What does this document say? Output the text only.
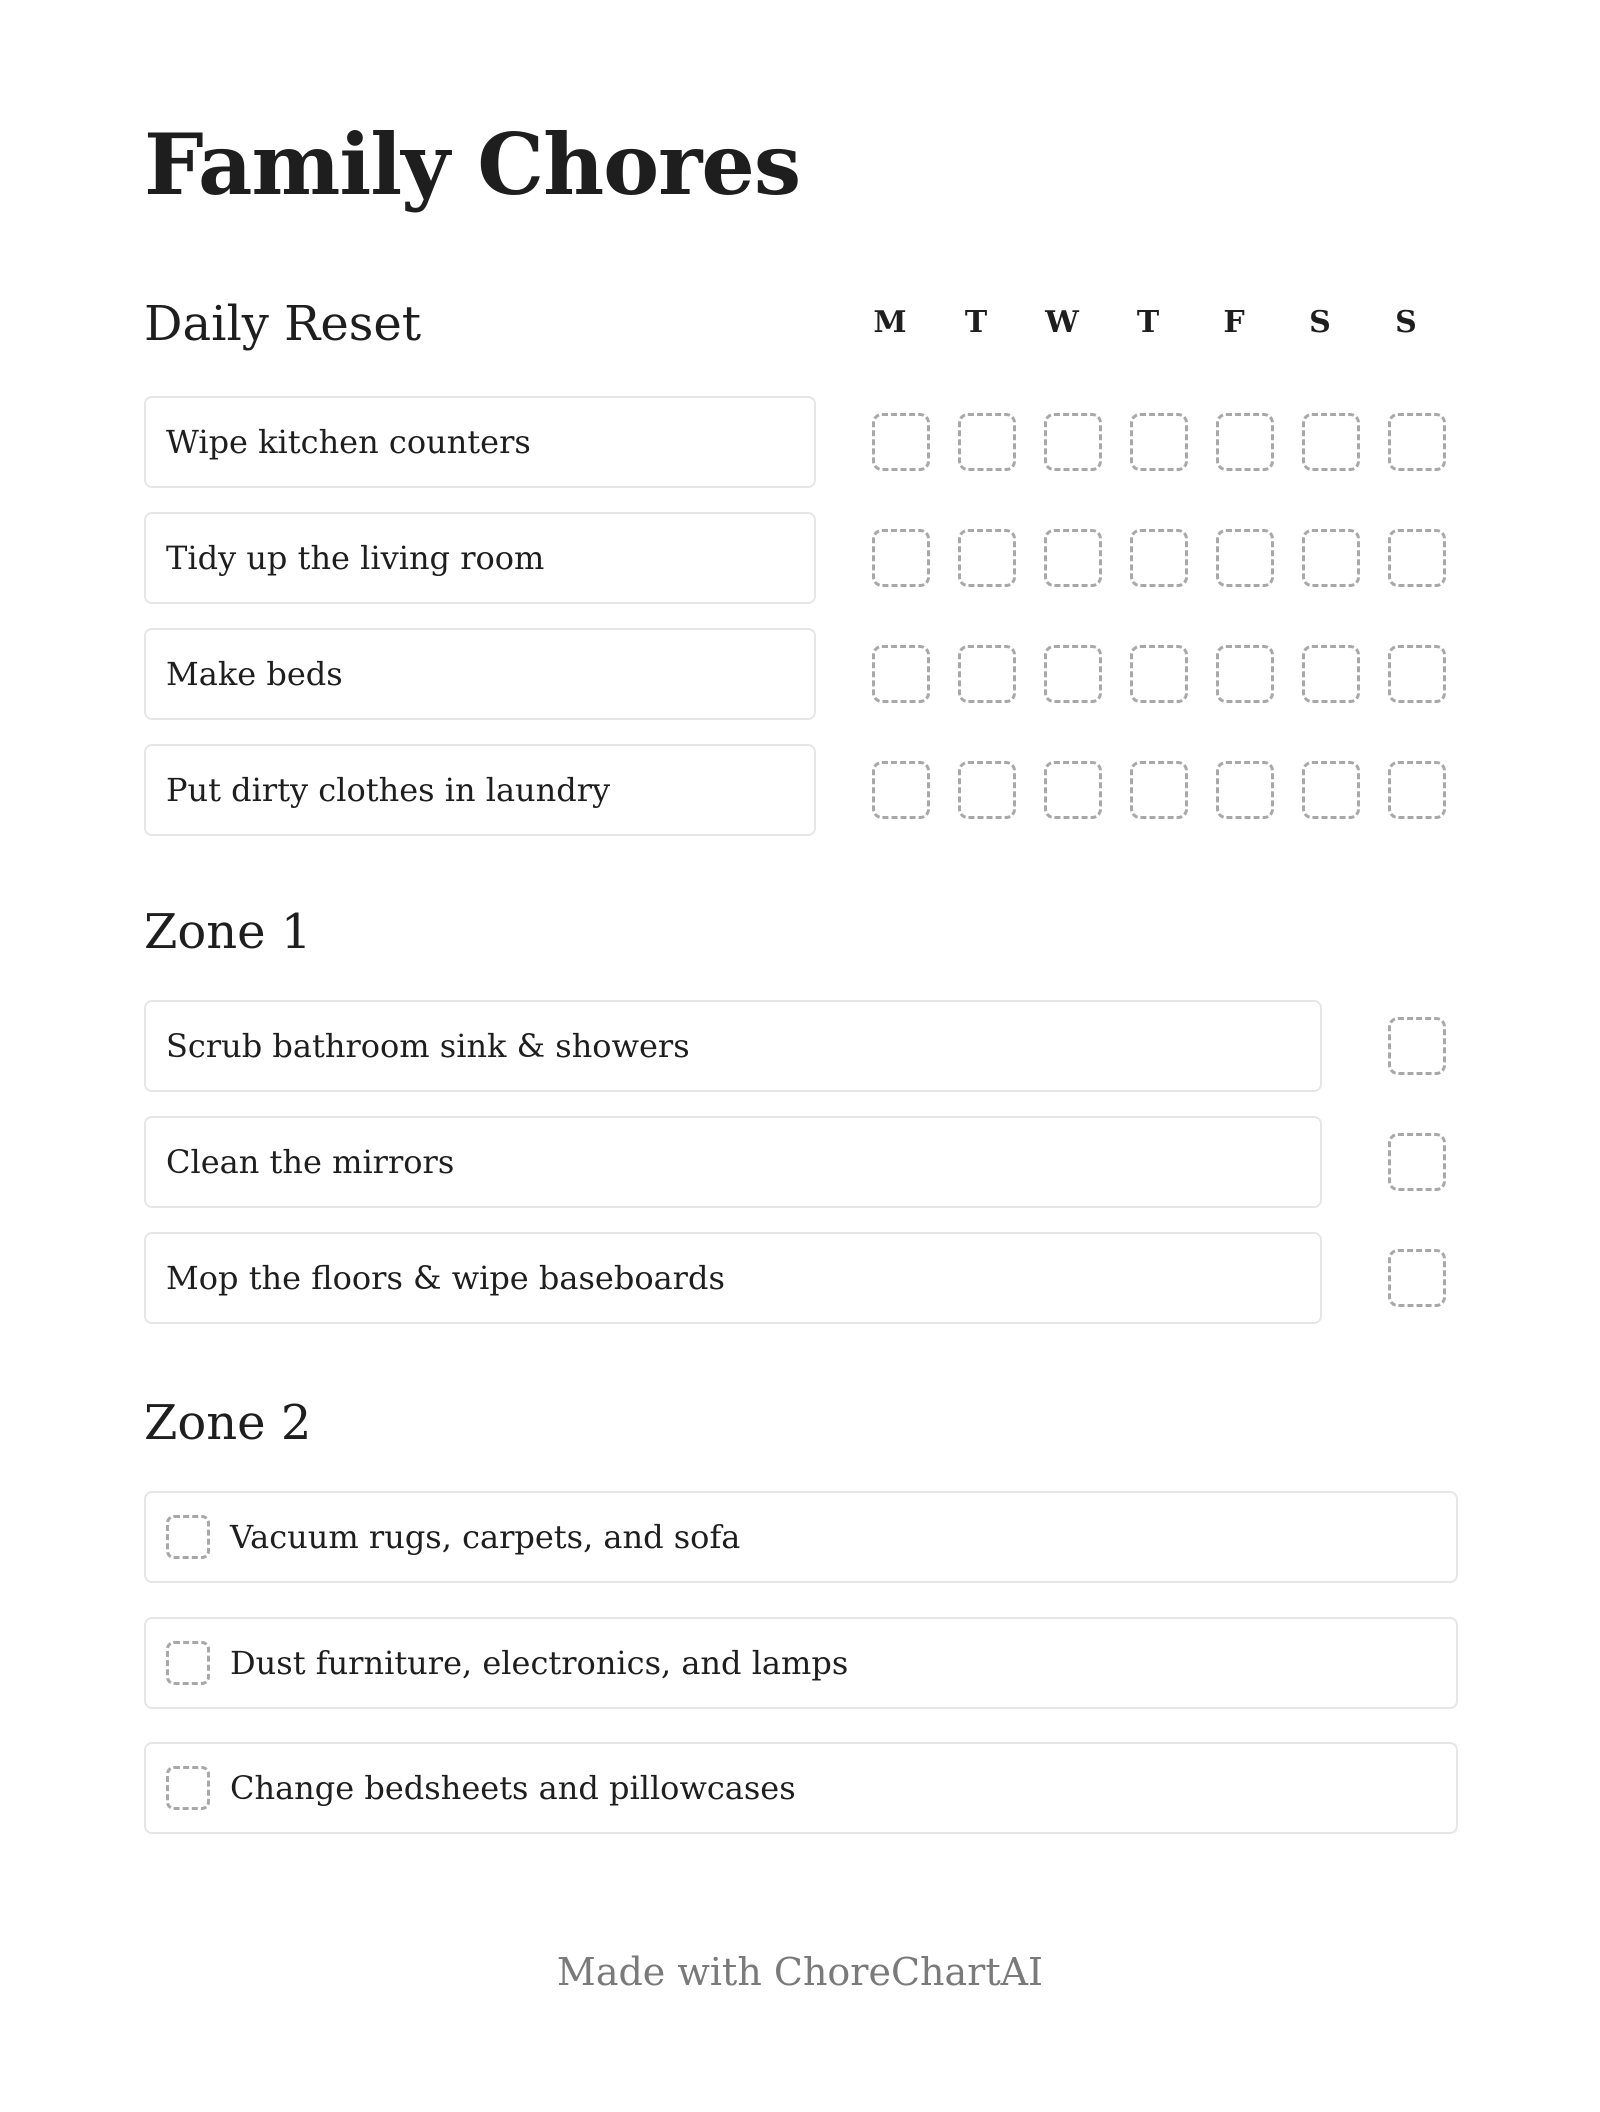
Family Chores
Daily Reset	M	T	W	T	F	S	S
Wipe kitchen counters
Tidy up the living room
Make beds
Put dirty clothes in laundry
Zone 1
Scrub bathroom sink & showers
Clean the mirrors
Mop the floors & wipe baseboards
Zone 2
Vacuum rugs, carpets, and sofa
Dust furniture, electronics, and lamps
Change bedsheets and pillowcases
Made with ChoreChartAI
